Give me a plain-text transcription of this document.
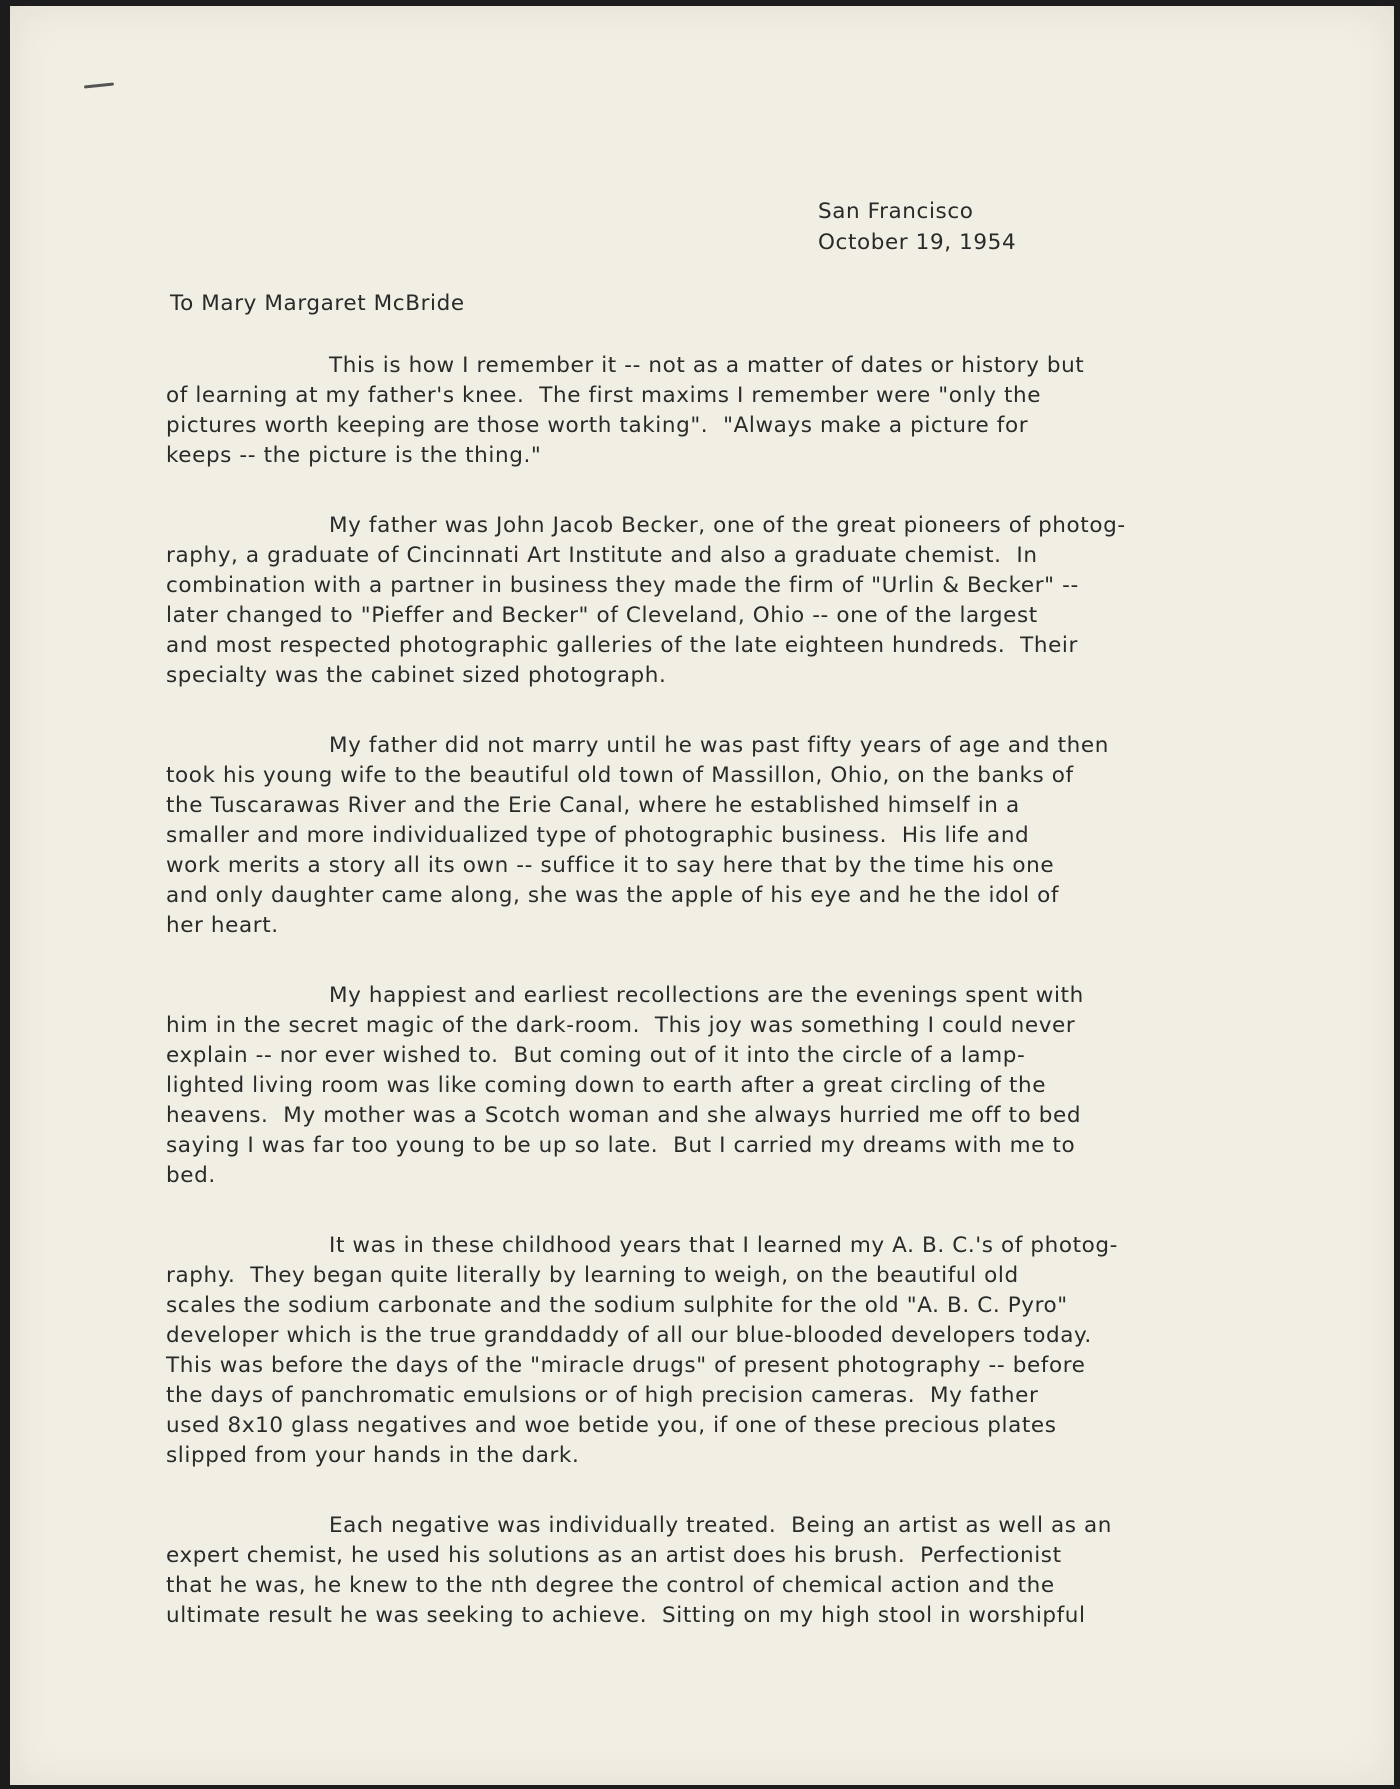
San Francisco
October 19, 1954
To Mary Margaret McBride
This is how I remember it -- not as a matter of dates or history but
of learning at my father's knee.  The first maxims I remember were "only the
pictures worth keeping are those worth taking".  "Always make a picture for
keeps -- the picture is the thing."
My father was John Jacob Becker, one of the great pioneers of photog-
raphy, a graduate of Cincinnati Art Institute and also a graduate chemist.  In
combination with a partner in business they made the firm of "Urlin & Becker" --
later changed to "Pieffer and Becker" of Cleveland, Ohio -- one of the largest
and most respected photographic galleries of the late eighteen hundreds.  Their
specialty was the cabinet sized photograph.
My father did not marry until he was past fifty years of age and then
took his young wife to the beautiful old town of Massillon, Ohio, on the banks of
the Tuscarawas River and the Erie Canal, where he established himself in a
smaller and more individualized type of photographic business.  His life and
work merits a story all its own -- suffice it to say here that by the time his one
and only daughter came along, she was the apple of his eye and he the idol of
her heart.
My happiest and earliest recollections are the evenings spent with
him in the secret magic of the dark-room.  This joy was something I could never
explain -- nor ever wished to.  But coming out of it into the circle of a lamp-
lighted living room was like coming down to earth after a great circling of the
heavens.  My mother was a Scotch woman and she always hurried me off to bed
saying I was far too young to be up so late.  But I carried my dreams with me to
bed.
It was in these childhood years that I learned my A. B. C.'s of photog-
raphy.  They began quite literally by learning to weigh, on the beautiful old
scales the sodium carbonate and the sodium sulphite for the old "A. B. C. Pyro"
developer which is the true granddaddy of all our blue-blooded developers today.
This was before the days of the "miracle drugs" of present photography -- before
the days of panchromatic emulsions or of high precision cameras.  My father
used 8x10 glass negatives and woe betide you, if one of these precious plates
slipped from your hands in the dark.
Each negative was individually treated.  Being an artist as well as an
expert chemist, he used his solutions as an artist does his brush.  Perfectionist
that he was, he knew to the nth degree the control of chemical action and the
ultimate result he was seeking to achieve.  Sitting on my high stool in worshipful
